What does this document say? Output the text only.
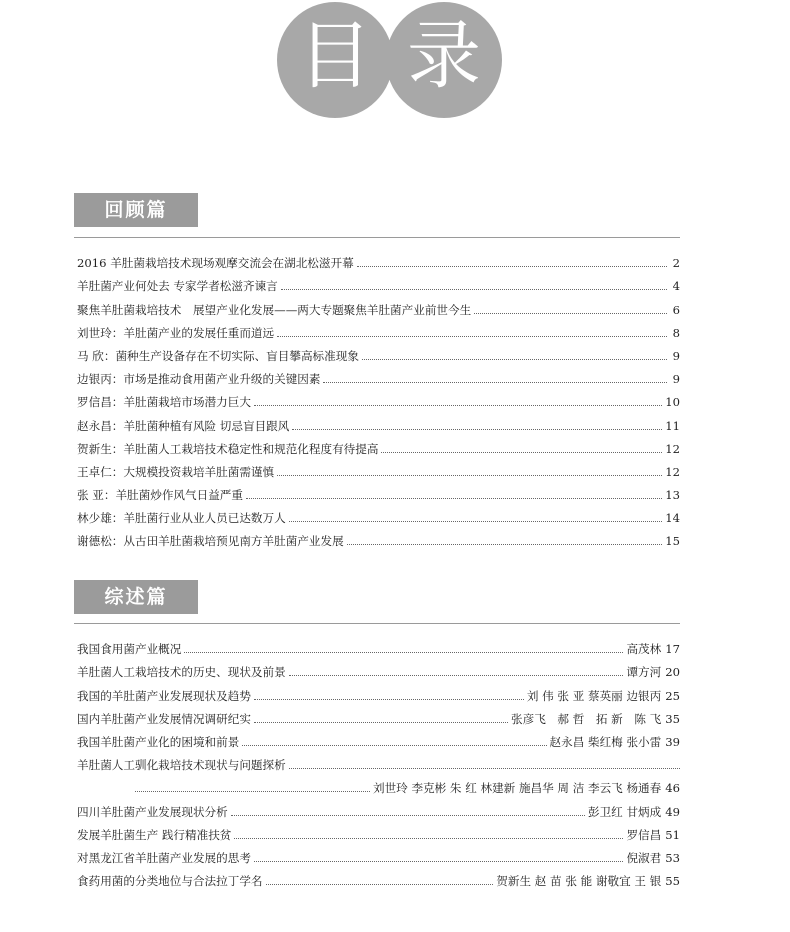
目 录
回顾篇
2016 羊肚菌栽培技术现场观摩交流会在湖北松滋开幕	2
羊肚菌产业何处去 专家学者松滋齐谏言	4
聚焦羊肚菌栽培技术　展望产业化发展——两大专题聚焦羊肚菌产业前世今生	6
刘世玲：羊肚菌产业的发展任重而道远	8
马 欣：菌种生产设备存在不切实际、盲目攀高标准现象	9
边银丙：市场是推动食用菌产业升级的关键因素	9
罗信昌：羊肚菌栽培市场潜力巨大	10
赵永昌：羊肚菌种植有风险 切忌盲目跟风	11
贺新生：羊肚菌人工栽培技术稳定性和规范化程度有待提高	12
王卓仁：大规模投资栽培羊肚菌需谨慎	12
张 亚：羊肚菌炒作风气日益严重	13
林少雄：羊肚菌行业从业人员已达数万人	14
谢德松：从古田羊肚菌栽培预见南方羊肚菌产业发展	15
综述篇
我国食用菌产业概况	高茂林 17
羊肚菌人工栽培技术的历史、现状及前景	谭方河 20
我国的羊肚菌产业发展现状及趋势	刘 伟 张 亚 蔡英丽 边银丙 25
国内羊肚菌产业发展情况调研纪实	张彦飞　郝 哲　拓 新　陈 飞 35
我国羊肚菌产业化的困境和前景	赵永昌 柴红梅 张小雷 39
羊肚菌人工驯化栽培技术现状与问题探析
刘世玲 李克彬 朱 红 林建新 施昌华 周 洁 李云飞 杨通春 46
四川羊肚菌产业发展现状分析	彭卫红 甘炳成 49
发展羊肚菌生产 践行精准扶贫	罗信昌 51
对黑龙江省羊肚菌产业发展的思考	倪淑君 53
食药用菌的分类地位与合法拉丁学名	贺新生 赵 苗 张 能 谢敬宜 王 银 55
